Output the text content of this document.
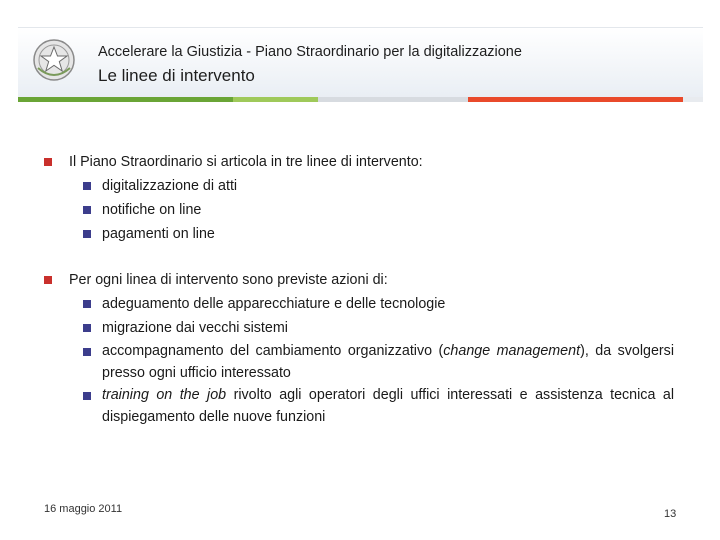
Accelerare la Giustizia - Piano Straordinario per la digitalizzazione
Le linee di intervento
Il Piano Straordinario si articola in tre linee di intervento:
digitalizzazione di atti
notifiche on line
pagamenti on line
Per ogni linea di intervento sono previste azioni di:
adeguamento delle apparecchiature e delle tecnologie
migrazione dai vecchi sistemi
accompagnamento del cambiamento organizzativo (change management), da svolgersi presso ogni ufficio interessato
training on the job rivolto agli operatori degli uffici interessati e assistenza tecnica al dispiegamento delle nuove funzioni
16 maggio 2011	13
